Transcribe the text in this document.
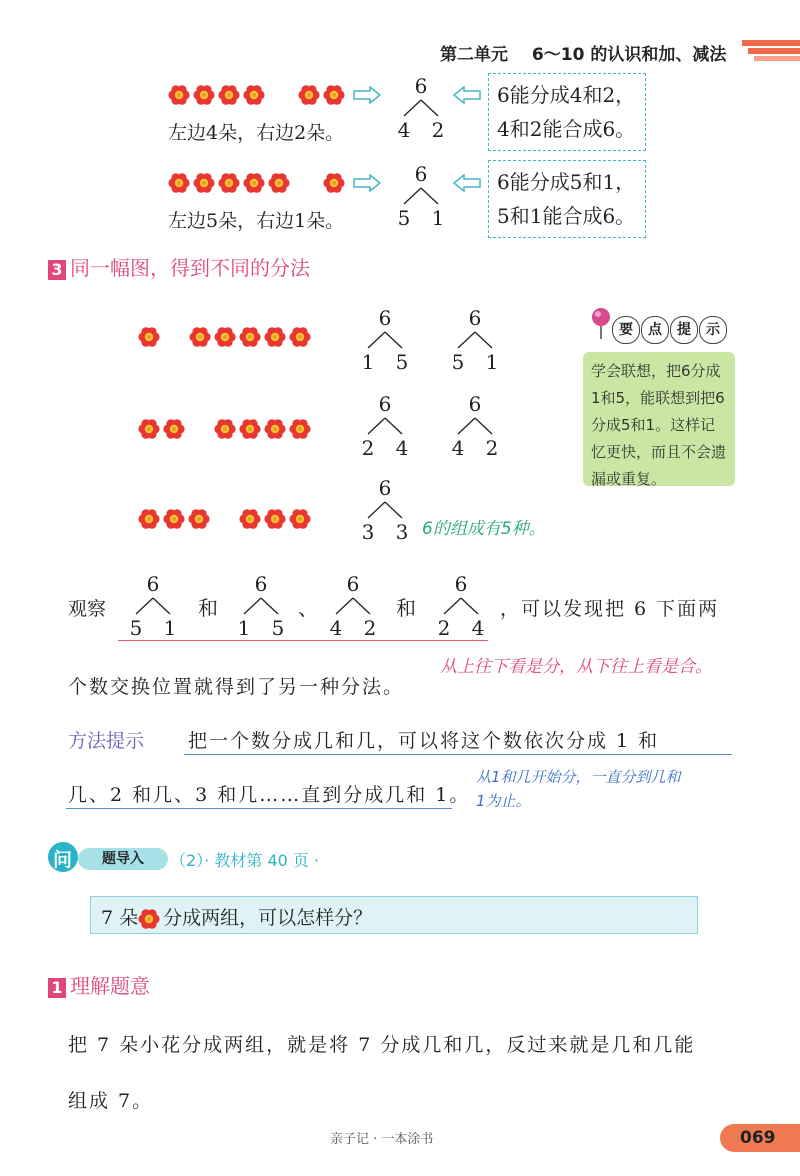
第二单元 6～10 的认识和加、减法
左边4朵，右边2朵。
6
4 2
6能分成4和2，
4和2能合成6。
左边5朵，右边1朵。
6
5 1
6能分成5和1，
5和1能合成6。
3 同一幅图，得到不同的分法
6
1 5
6
5 1
6
2 4
6
4 2
6
3 3 6的组成有5种。
要 点 提 示
学会联想，把6分成1和5，能联想到把6分成5和1。这样记忆更快，而且不会遗漏或重复。
观察
6
5 1
和
6
1 5
、
6
4 2
和
6
2 4
，可以发现把 6 下面两
个数交换位置就得到了另一种分法。
从上往下看是分，从下往上看是合。
方法提示 把一个数分成几和几，可以将这个数依次分成 1 和
几、2 和几、3 和几……直到分成几和 1。
从1和几开始分，一直分到几和
1为止。
问	题导入	（2）· 教材第 40 页 ·
7 朵 分成两组，可以怎样分？
1 理解题意
把 7 朵小花分成两组，就是将 7 分成几和几，反过来就是几和几能
组成 7。
亲子记 · 一本涂书	069
